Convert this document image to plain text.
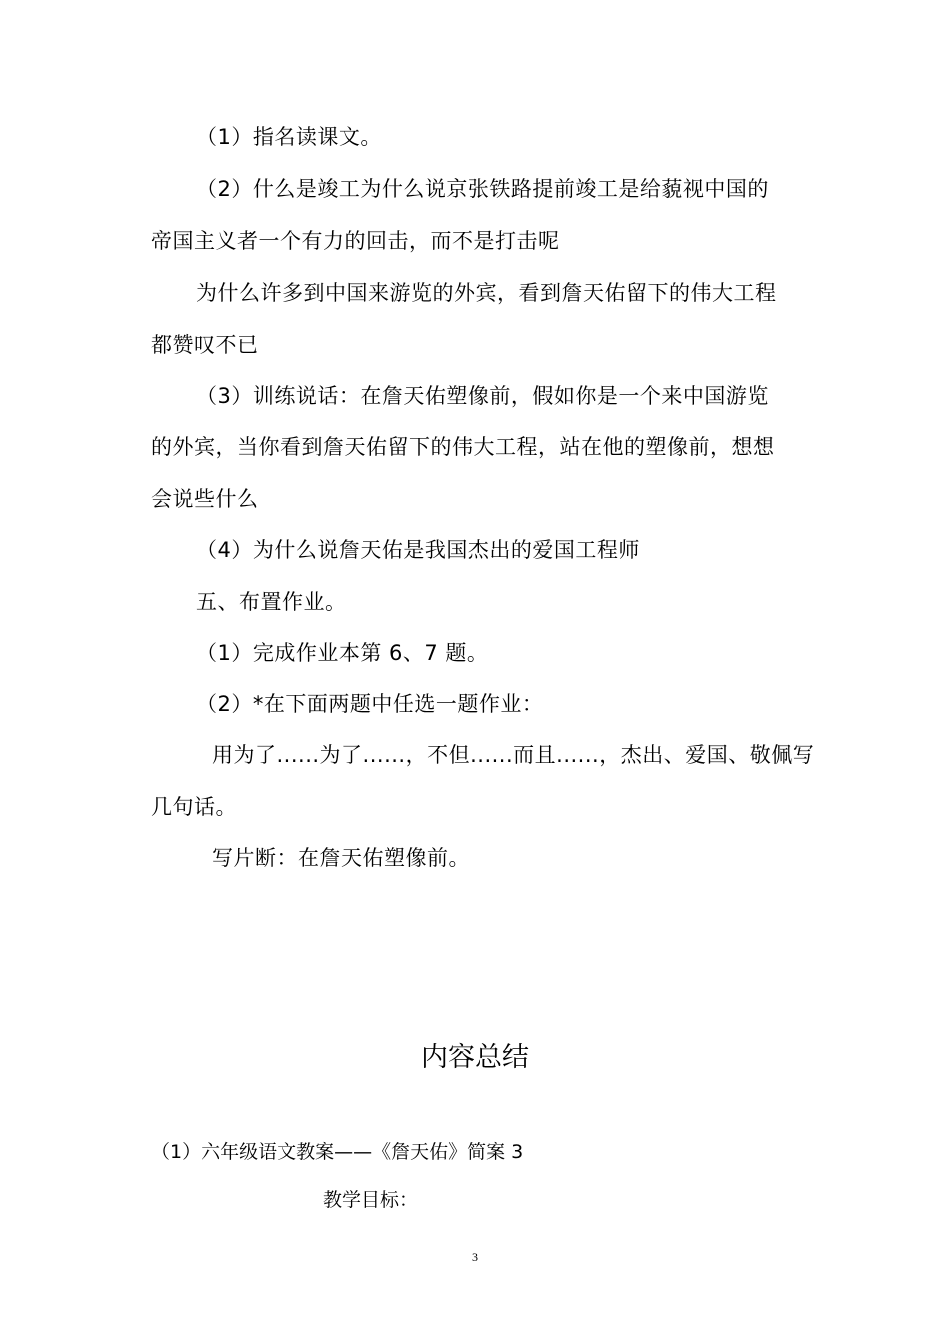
（1）指名读课文。
（2）什么是竣工为什么说京张铁路提前竣工是给藐视中国的
帝国主义者一个有力的回击，而不是打击呢
为什么许多到中国来游览的外宾，看到詹天佑留下的伟大工程
都赞叹不已
（3）训练说话：在詹天佑塑像前，假如你是一个来中国游览
的外宾，当你看到詹天佑留下的伟大工程，站在他的塑像前，想想
会说些什么
（4）为什么说詹天佑是我国杰出的爱国工程师
五、布置作业。
（1）完成作业本第 6、7 题。
（2）*在下面两题中任选一题作业：
用为了......为了......，不但......而且......，杰出、爱国、敬佩写
几句话。
写片断：在詹天佑塑像前。
内容总结
（1）六年级语文教案——《詹天佑》简案 3
教学目标：
3
